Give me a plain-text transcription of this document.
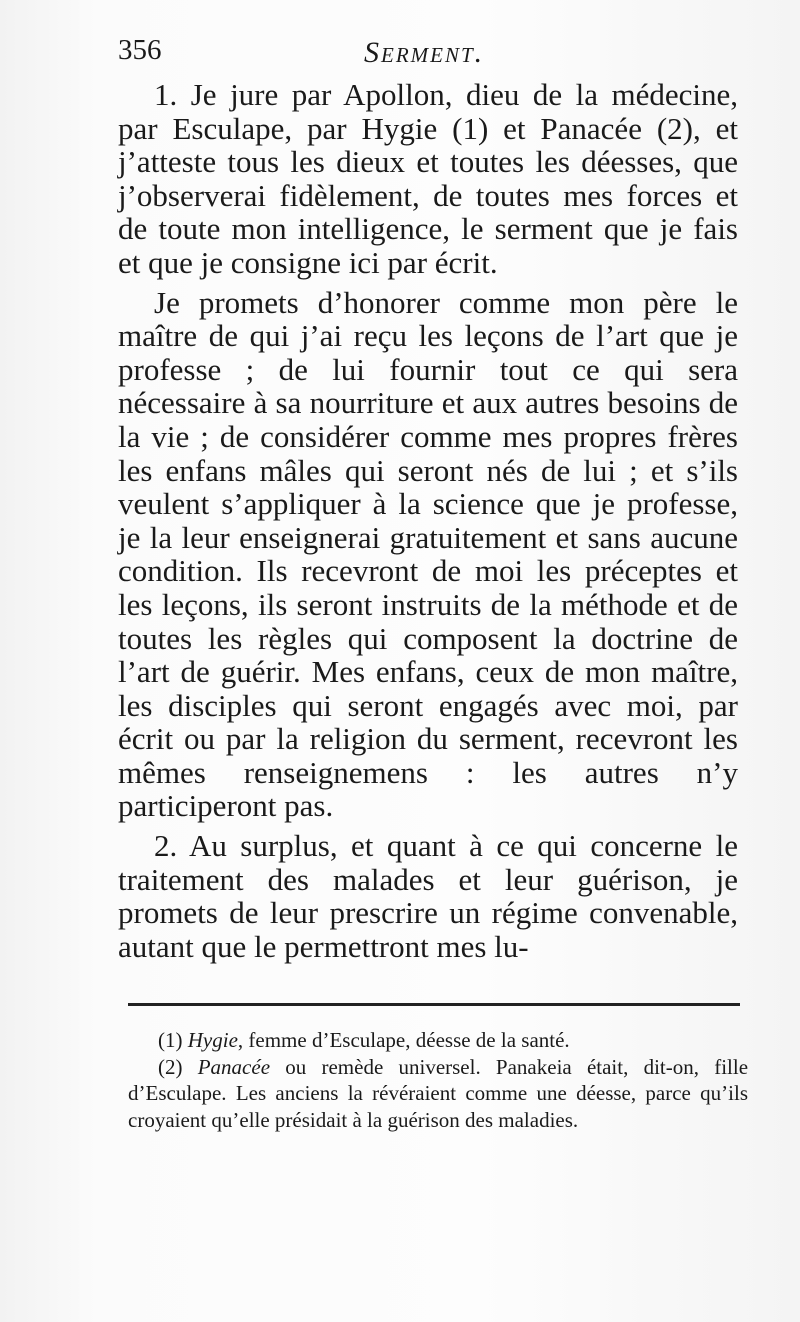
356	Serment.

1. Je jure par Apollon, dieu de la médecine, par Esculape, par Hygie (1) et Panacée (2), et j’atteste tous les dieux et toutes les déesses, que j’observerai fidèlement, de toutes mes forces et de toute mon intelligence, le serment que je fais et que je consigne ici par écrit.

Je promets d’honorer comme mon père le maître de qui j’ai reçu les leçons de l’art que je professe ; de lui fournir tout ce qui sera nécessaire à sa nourriture et aux autres besoins de la vie ; de considérer comme mes propres frères les enfans mâles qui seront nés de lui ; et s’ils veulent s’appliquer à la science que je professe, je la leur enseignerai gratuitement et sans aucune condition. Ils recevront de moi les préceptes et les leçons, ils seront instruits de la méthode et de toutes les règles qui composent la doctrine de l’art de guérir. Mes enfans, ceux de mon maître, les disciples qui seront engagés avec moi, par écrit ou par la religion du serment, recevront les mêmes renseignemens : les autres n’y participeront pas.

2. Au surplus, et quant à ce qui concerne le traitement des malades et leur guérison, je promets de leur prescrire un régime convenable, autant que le permettront mes lu-

(1) Hygie, femme d’Esculape, déesse de la santé.

(2) Panacée ou remède universel. Panakeia était, dit-on, fille d’Esculape. Les anciens la révéraient comme une déesse, parce qu’ils croyaient qu’elle présidait à la guérison des maladies.
